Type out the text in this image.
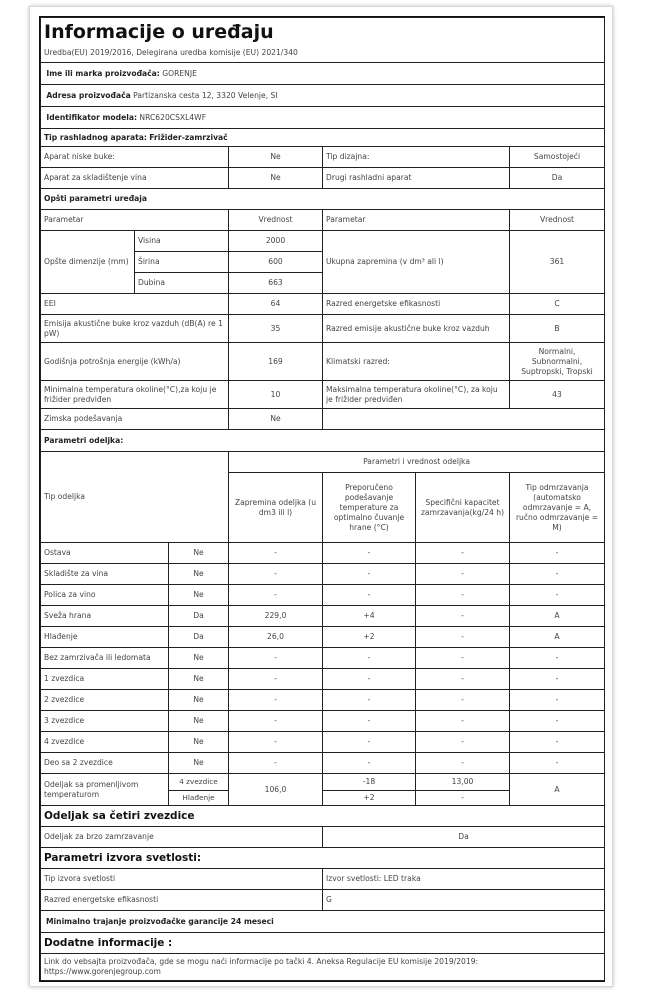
Informacije o uređaju						
Uredba(EU) 2019/2016, Delegirana uredba komisije (EU) 2021/340						
Ime ili marka proizvođača: GORENJE						
Adresa proizvođača Partizanska cesta 12, 3320 Velenje, SI						
Identifikator modela: NRC620CSXL4WF						
Tip rashladnog aparata: Frižider-zamrzivač						
Aparat niske buke:			Ne	Tip dizajna:		Samostojeći
Aparat za skladištenje vina			Ne	Drugi rashladni aparat		Da
Opšti parametri uređaja						
Parametar			Vrednost	Parametar		Vrednost
Opšte dimenzije (mm)	Visina		2000	Ukupna zapremina (v dm³ ali l)		361
	Širina		600			
	Dubina		663			
EEI			64	Razred energetske efikasnosti		C
Emisija akustične buke kroz vazduh (dB(A) re 1 pW)			35	Razred emisije akustične buke kroz vazduh		B
Godišnja potrošnja energije (kWh/a)			169	Klimatski razred:		Normalni, Subnormalni, Suptropski, Tropski
Minimalna temperatura okoline(°C),za koju je frižider predviđen			10	Maksimalna temperatura okoline(°C), za koju je frižider predviđen		43
Zimska podešavanja			Ne			
Parametri odeljka:						
Tip odeljka			Parametri i vrednost odeljka			
			Zapremina odeljka (u dm3 ili l)	Preporučeno podešavanje temperature za optimalno čuvanje hrane (°C)	Specifični kapacitet zamrzavanja(kg/24 h)	Tip odmrzavanja (automatsko odmrzavanje = A, ručno odmrzavanje = M)
Ostava		Ne	-	-	-	-
Skladište za vina		Ne	-	-	-	-
Polica za vino		Ne	-	-	-	-
Sveža hrana		Da	229,0	+4	-	A
Hlađenje		Da	26,0	+2	-	A
Bez zamrzivača ili ledomata		Ne	-	-	-	-
1 zvezdica		Ne	-	-	-	-
2 zvezdice		Ne	-	-	-	-
3 zvezdice		Ne	-	-	-	-
4 zvezdice		Ne	-	-	-	-
Deo sa 2 zvezdice		Ne	-	-	-	-
Odeljak sa promenljivom temperaturom		4 zvezdice	106,0	-18	13,00	A
		Hlađenje		+2	-	
Odeljak sa četiri zvezdice						
Odeljak za brzo zamrzavanje				Da		
Parametri izvora svetlosti:						
Tip izvora svetlosti				Izvor svetlosti: LED traka		
Razred energetske efikasnosti				G		
Minimalno trajanje proizvođačke garancije 24 meseci						
Dodatne informacije :						
Link do vebsajta proizvođača, gde se mogu naći informacije po tački 4. Aneksa Regulacije EU komisije 2019/2019:
https://www.gorenjegroup.com						
